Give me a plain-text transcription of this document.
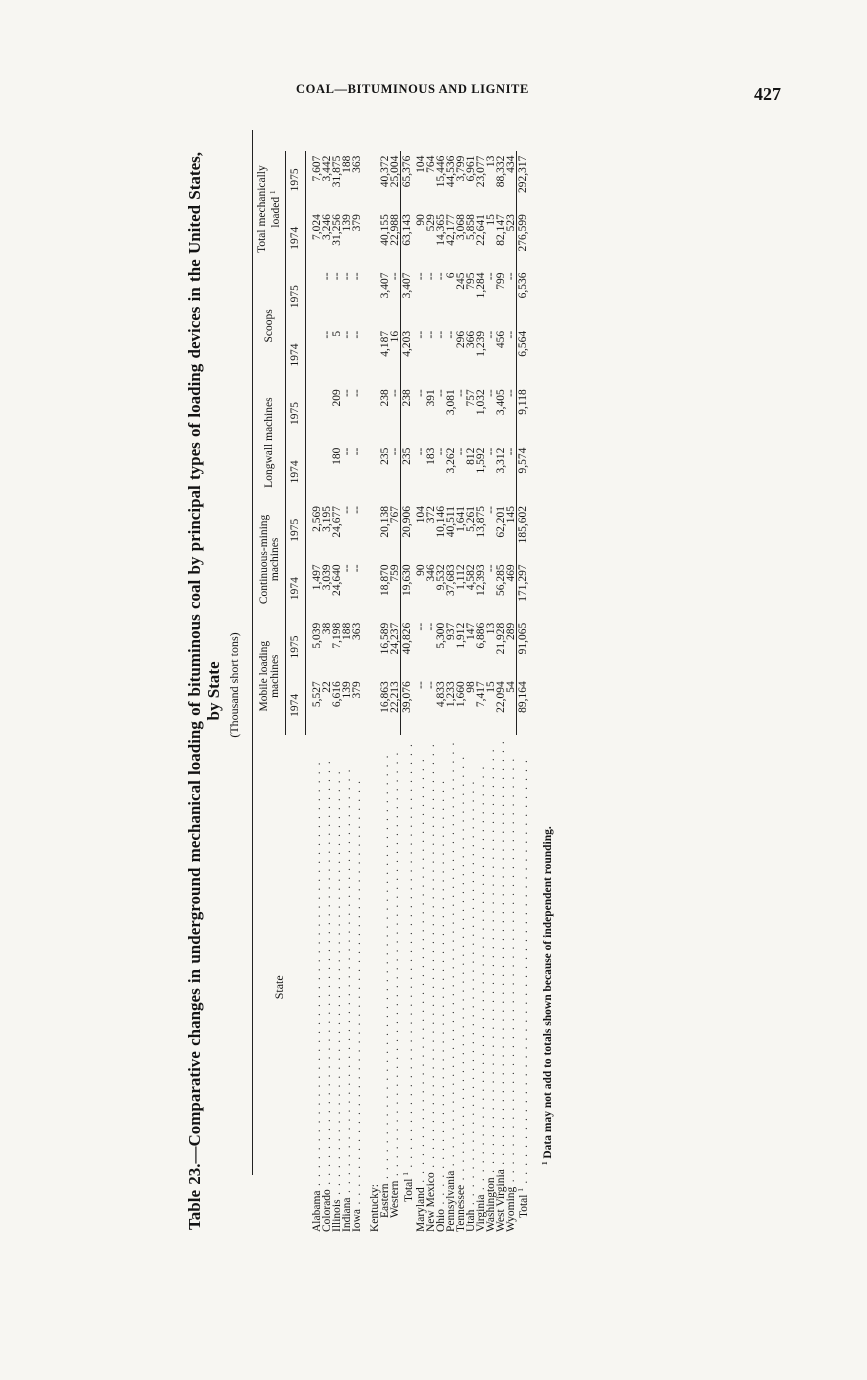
COAL—BITUMINOUS AND LIGNITE	427
Table 23.—Comparative changes in underground mechanical loading of bituminous coal by principal types of loading devices in the United States, by State (Thousand short tons)
State	Mobile loading machines		Continuous-mining machines		Longwall machines		Scoops		Total mechanically loaded $^1$
	1974	1975	1974	1975	1974	1975	1974	1975	1974	1975
Alabama . . . . . . . . . . . . . . . . . . . . . . . . . . . . . . . . . . . . . . . . . . . . . . . .	5,527	5,039	1,497	2,569					7,024	7,607
Colorado . . . . . . . . . . . . . . . . . . . . . . . . . . . . . . . . . . . . . . . . . . . . . . . .	22	38	3,039	3,195			--	--	3,246	3,442
Illinois . . . . . . . . . . . . . . . . . . . . . . . . . . . . . . . . . . . . . . . . . . . . . . . .	6,616	7,198	24,640	24,677	180	209	5	--	31,256	31,875
Indiana . . . . . . . . . . . . . . . . . . . . . . . . . . . . . . . . . . . . . . . . . . . . . . . .	139	188	--	--	--	--	--	--	139	188
Iowa . . . . . . . . . . . . . . . . . . . . . . . . . . . . . . . . . . . . . . . . . . . . . . . .	379	363	--	--	--	--	--	--	379	363

Kentucky:										
Eastern . . . . . . . . . . . . . . . . . . . . . . . . . . . . . . . . . . . . . . . . . . . . . . . .	16,863	16,589	18,870	20,138	235	238	4,187	3,407	40,155	40,372
Western . . . . . . . . . . . . . . . . . . . . . . . . . . . . . . . . . . . . . . . . . . . . . . . .	22,213	24,237	759	767	--	--	16	--	22,988	25,004
Total $^1$ . . . . . . . . . . . . . . . . . . . . . . . . . . . . . . . . . . . . . . . . . . . . . . . .	39,076	40,826	19,630	20,906	235	238	4,203	3,407	63,143	65,376
Maryland . . . . . . . . . . . . . . . . . . . . . . . . . . . . . . . . . . . . . . . . . . . . . . . .	--	--	90	104	--	--	--	--	90	104
New Mexico . . . . . . . . . . . . . . . . . . . . . . . . . . . . . . . . . . . . . . . . . . . . . . . .	--	--	346	372	183	391	--	--	529	764
Ohio . . . . . . . . . . . . . . . . . . . . . . . . . . . . . . . . . . . . . . . . . . . . . . . .	4,833	5,300	9,532	10,146	--	--	--	--	14,365	15,446
Pennsylvania . . . . . . . . . . . . . . . . . . . . . . . . . . . . . . . . . . . . . . . . . . . . . . . .	1,233	937	37,683	40,511	3,262	3,081	--	6	42,177	44,536
Tennessee . . . . . . . . . . . . . . . . . . . . . . . . . . . . . . . . . . . . . . . . . . . . . . . .	1,660	1,912	1,112	1,641	--	--	296	245	3,068	3,799
Utah . . . . . . . . . . . . . . . . . . . . . . . . . . . . . . . . . . . . . . . . . . . . . . . .	98	147	4,582	5,261	812	757	366	795	5,858	6,961
Virginia . . . . . . . . . . . . . . . . . . . . . . . . . . . . . . . . . . . . . . . . . . . . . . . .	7,417	6,886	12,393	13,875	1,592	1,032	1,239	1,284	22,641	23,077
Washington . . . . . . . . . . . . . . . . . . . . . . . . . . . . . . . . . . . . . . . . . . . . . . . .	15	13	--	--	--	--	--	--	15	13
West Virginia . . . . . . . . . . . . . . . . . . . . . . . . . . . . . . . . . . . . . . . . . . . . . . . .	22,094	21,928	56,285	62,201	3,312	3,405	456	799	82,147	88,332
Wyoming . . . . . . . . . . . . . . . . . . . . . . . . . . . . . . . . . . . . . . . . . . . . . . . .	54	289	469	145	--	--	--	--	523	434
Total $^1$ . . . . . . . . . . . . . . . . . . . . . . . . . . . . . . . . . . . . . . . . . . . . . . . .	89,164	91,065	171,297	185,602	9,574	9,118	6,564	6,536	276,599	292,317
$^1$ Data may not add to totals shown because of independent rounding.
